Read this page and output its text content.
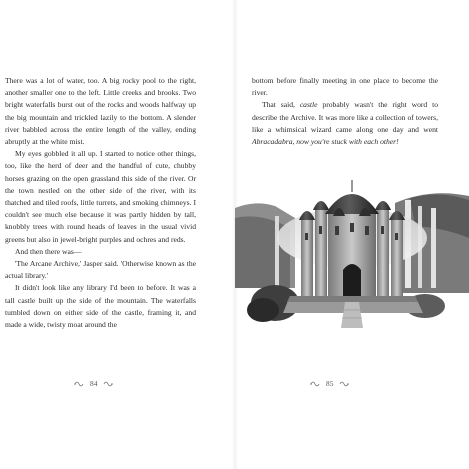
There was a lot of water, too. A big rocky pool to the right, another smaller one to the left. Little creeks and brooks. Two bright waterfalls burst out of the rocks and woods halfway up the big mountain and trickled lazily to the bottom. A slender river babbled across the entire length of the valley, ending abruptly at the white mist.

My eyes gobbled it all up. I started to notice other things, too, like the herd of deer and the handful of cute, chubby horses grazing on the open grassland this side of the river. Or the town nestled on the other side of the river, with its thatched and tiled roofs, little turrets, and smoking chimneys. I couldn't see much else because it was partly hidden by tall, knobbly trees with round heads of leaves in the usual vivid greens but also in jewel-bright purples and ochres and reds.

And then there was—

'The Arcane Archive,' Jasper said. 'Otherwise known as the actual library.'

It didn't look like any library I'd been to before. It was a tall castle built up the side of the mountain. The waterfalls tumbled down on either side of the castle, framing it, and made a wide, twisty moat around the

84

bottom before finally meeting in one place to become the river.

That said, castle probably wasn't the right word to describe the Archive. It was more like a collection of towers, like a whimsical wizard came along one day and went Abracadabra, now you're stuck with each other!

85
